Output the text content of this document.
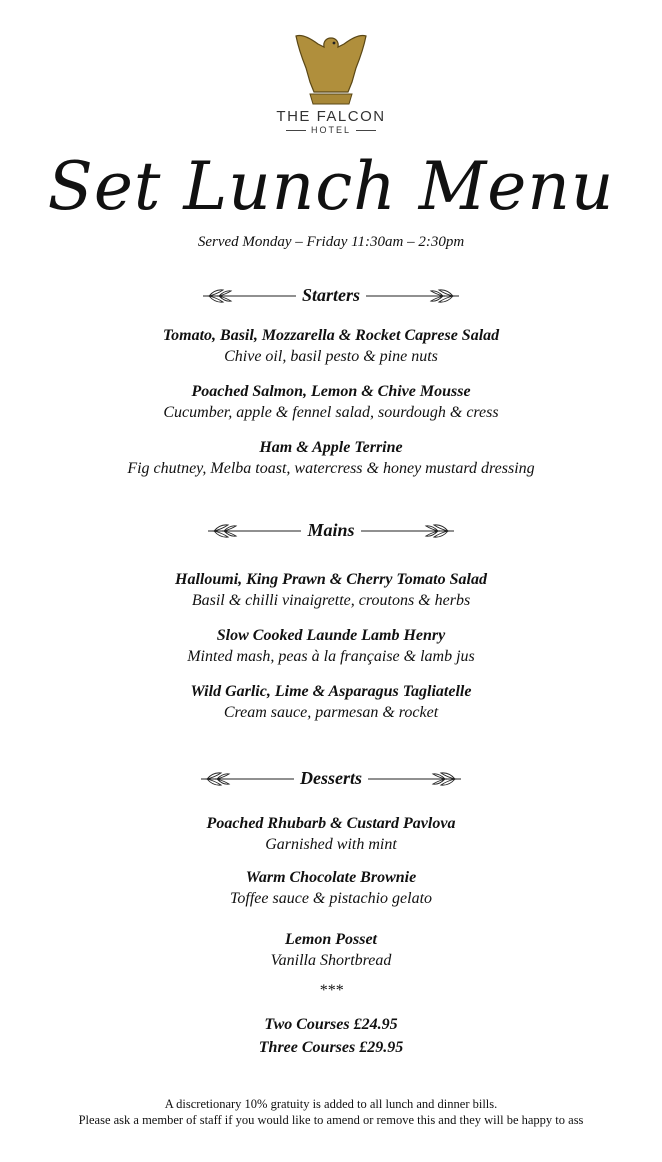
THE FALCON
HOTEL
Set Lunch Menu
Served Monday – Friday 11:30am – 2:30pm
Starters
Tomato, Basil, Mozzarella & Rocket Caprese Salad
Chive oil, basil pesto & pine nuts
Poached Salmon, Lemon & Chive Mousse
Cucumber, apple & fennel salad, sourdough & cress
Ham & Apple Terrine
Fig chutney, Melba toast, watercress & honey mustard dressing
Mains
Halloumi, King Prawn & Cherry Tomato Salad
Basil & chilli vinaigrette, croutons & herbs
Slow Cooked Launde Lamb Henry
Minted mash, peas à la française & lamb jus
Wild Garlic, Lime & Asparagus Tagliatelle
Cream sauce, parmesan & rocket
Desserts
Poached Rhubarb & Custard Pavlova
Garnished with mint
Warm Chocolate Brownie
Toffee sauce & pistachio gelato
Lemon Posset
Vanilla Shortbread
***
Two Courses £24.95
Three Courses £29.95
A discretionary 10% gratuity is added to all lunch and dinner bills.
Please ask a member of staff if you would like to amend or remove this and they will be happy to ass
